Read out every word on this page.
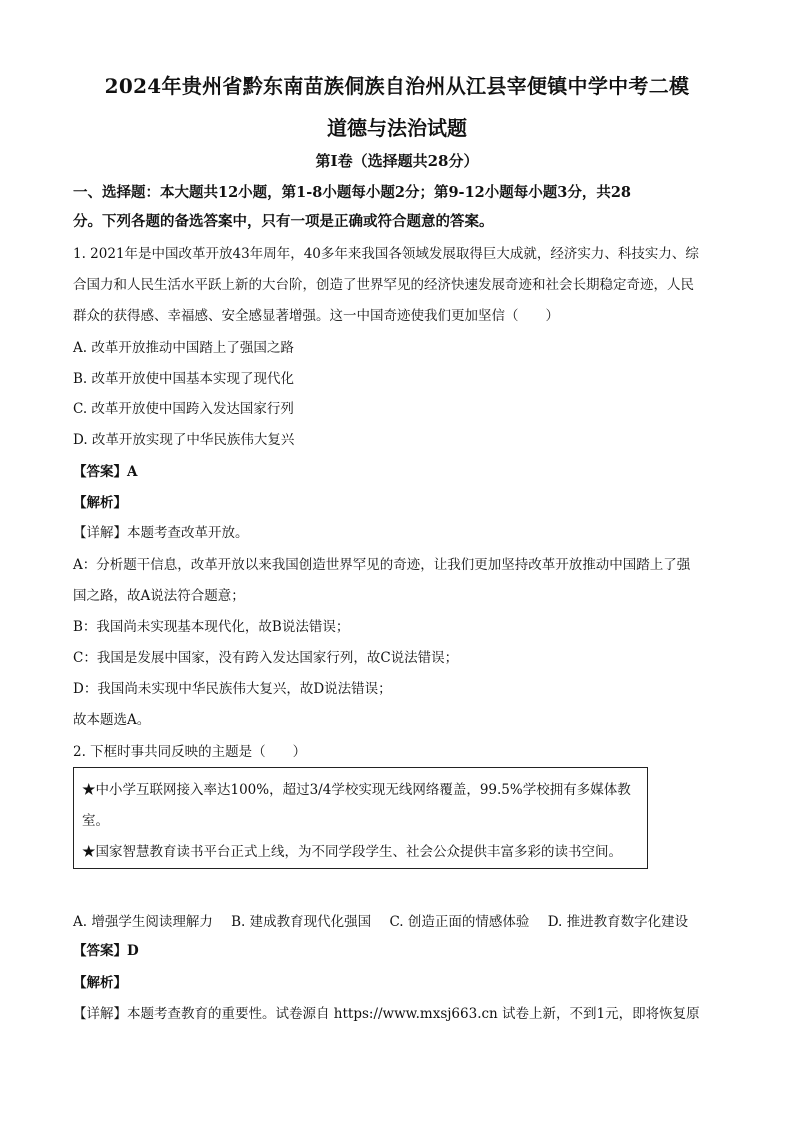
2024年贵州省黔东南苗族侗族自治州从江县宰便镇中学中考二模
道德与法治试题
第Ⅰ卷（选择题共28分）

一、选择题：本大题共12小题，第1-8小题每小题2分；第9-12小题每小题3分，共28

分。下列各题的备选答案中，只有一项是正确或符合题意的答案。

1. 2021年是中国改革开放43年周年，40多年来我国各领域发展取得巨大成就，经济实力、科技实力、综

合国力和人民生活水平跃上新的大台阶，创造了世界罕见的经济快速发展奇迹和社会长期稳定奇迹，人民

群众的获得感、幸福感、安全感显著增强。这一中国奇迹使我们更加坚信（　　）

A. 改革开放推动中国踏上了强国之路

B. 改革开放使中国基本实现了现代化

C. 改革开放使中国跨入发达国家行列

D. 改革开放实现了中华民族伟大复兴

【答案】A

【解析】

【详解】本题考查改革开放。

A：分析题干信息，改革开放以来我国创造世界罕见的奇迹，让我们更加坚持改革开放推动中国踏上了强

国之路，故A说法符合题意；

B：我国尚未实现基本现代化，故B说法错误；

C：我国是发展中国家，没有跨入发达国家行列，故C说法错误；

D：我国尚未实现中华民族伟大复兴，故D说法错误；

故本题选A。

2. 下框时事共同反映的主题是（　　）

★中小学互联网接入率达100%，超过3/4学校实现无线网络覆盖，99.5%学校拥有多媒体教

室。

★国家智慧教育读书平台正式上线，为不同学段学生、社会公众提供丰富多彩的读书空间。

A. 增强学生阅读理解力 B. 建成教育现代化强国 C. 创造正面的情感体验 D. 推进教育数字化建设

【答案】D

【解析】

【详解】本题考查教育的重要性。试卷源自 https://www.mxsj663.cn 试卷上新，不到1元，即将恢复原
